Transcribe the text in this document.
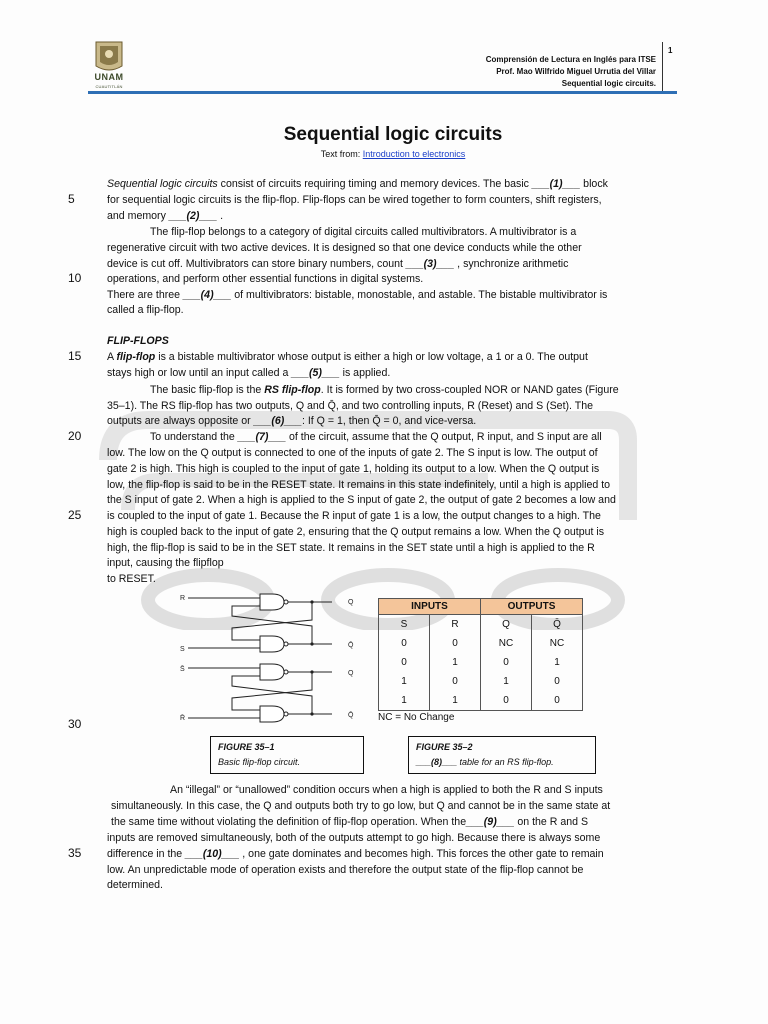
UNAM
CUAUTITLÁN
Comprensión de Lectura en Inglés para ITSE
Prof. Mao Wilfrido Miguel Urrutia del Villar
Sequential logic circuits.
1
Sequential logic circuits
Text from: Introduction to electronics
5
10
15
20
25
30
35
Sequential logic circuits consist of circuits requiring timing and memory devices. The basic ___(1)___ block
for sequential logic circuits is the flip-flop. Flip-flops can be wired together to form counters, shift registers,
and memory ___(2)___ .
The flip-flop belongs to a category of digital circuits called multivibrators. A multivibrator is a
regenerative circuit with two active devices. It is designed so that one device conducts while the other
device is cut off. Multivibrators can store binary numbers, count ___(3)___ , synchronize arithmetic
operations, and perform other essential functions in digital systems.
There are three ___(4)___ of multivibrators: bistable, monostable, and astable. The bistable multivibrator is
called a flip-flop.
FLIP-FLOPS
A flip-flop is a bistable multivibrator whose output is either a high or low voltage, a 1 or a 0. The output
stays high or low until an input called a ___(5)___ is applied.
The basic flip-flop is the RS flip-flop. It is formed by two cross-coupled NOR or NAND gates (Figure
35–1). The RS flip-flop has two outputs, Q and Q̄, and two controlling inputs, R (Reset) and S (Set). The
outputs are always opposite or ___(6)___: If Q = 1, then Q̄ = 0, and vice-versa.
To understand the ___(7)___ of the circuit, assume that the Q output, R input, and S input are all
low. The low on the Q output is connected to one of the inputs of gate 2. The S input is low. The output of
gate 2 is high. This high is coupled to the input of gate 1, holding its output to a low. When the Q output is
low, the flip-flop is said to be in the RESET state. It remains in this state indefinitely, until a high is applied to
the S input of gate 2. When a high is applied to the S input of gate 2, the output of gate 2 becomes a low and
is coupled to the input of gate 1. Because the R input of gate 1 is a low, the output changes to a high. The
high is coupled back to the input of gate 2, ensuring that the Q output remains a low. When the Q output is
high, the flip-flop is said to be in the SET state. It remains in the SET state until a high is applied to the R
input, causing the flipflop
to RESET.
R
S
S̄
R̄
Q
Q̄
Q
Q̄
INPUTS		OUTPUTS	
S	R	Q	Q̄
0	0	NC	NC
0	1	0	1
1	0	1	0
1	1	0	0
NC = No Change
FIGURE 35–1
Basic flip-flop circuit.
FIGURE 35–2
___(8)___ table for an RS flip-flop.
An “illegal” or “unallowed” condition occurs when a high is applied to both the R and S inputs
simultaneously. In this case, the Q and outputs both try to go low, but Q and cannot be in the same state at
the same time without violating the definition of flip-flop operation. When the___(9)___ on the R and S
inputs are removed simultaneously, both of the outputs attempt to go high. Because there is always some
difference in the ___(10)___ , one gate dominates and becomes high. This forces the other gate to remain
low. An unpredictable mode of operation exists and therefore the output state of the flip-flop cannot be
determined.
